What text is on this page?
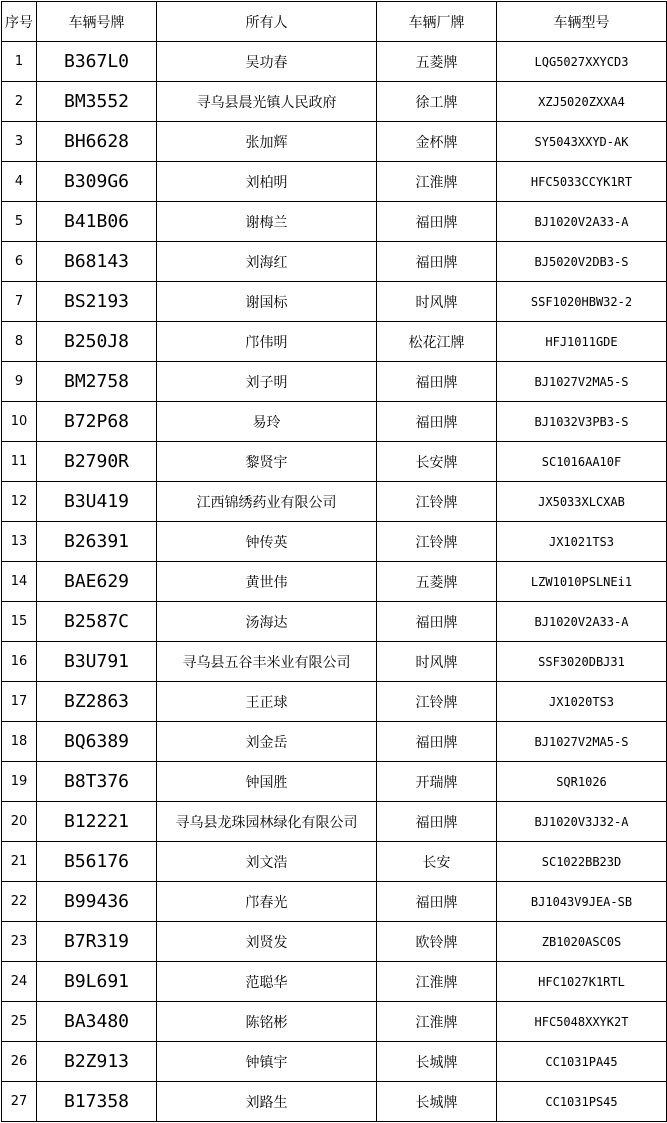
序号	车辆号牌	所有人	车辆厂牌	车辆型号
1	B367L0	吴功春	五菱牌	LQG5027XXYCD3
2	BM3552	寻乌县晨光镇人民政府	徐工牌	XZJ5020ZXXA4
3	BH6628	张加辉	金杯牌	SY5043XXYD-AK
4	B309G6	刘柏明	江淮牌	HFC5033CCYK1RT
5	B41B06	谢梅兰	福田牌	BJ1020V2A33-A
6	B68143	刘海红	福田牌	BJ5020V2DB3-S
7	BS2193	谢国标	时风牌	SSF1020HBW32-2
8	B250J8	邝伟明	松花江牌	HFJ1011GDE
9	BM2758	刘子明	福田牌	BJ1027V2MA5-S
10	B72P68	易玲	福田牌	BJ1032V3PB3-S
11	B2790R	黎贤宇	长安牌	SC1016AA10F
12	B3U419	江西锦绣药业有限公司	江铃牌	JX5033XLCXAB
13	B26391	钟传英	江铃牌	JX1021TS3
14	BAE629	黄世伟	五菱牌	LZW1010PSLNEi1
15	B2587C	汤海达	福田牌	BJ1020V2A33-A
16	B3U791	寻乌县五谷丰米业有限公司	时风牌	SSF3020DBJ31
17	BZ2863	王正球	江铃牌	JX1020TS3
18	BQ6389	刘金岳	福田牌	BJ1027V2MA5-S
19	B8T376	钟国胜	开瑞牌	SQR1026
20	B12221	寻乌县龙珠园林绿化有限公司	福田牌	BJ1020V3J32-A
21	B56176	刘文浩	长安	SC1022BB23D
22	B99436	邝春光	福田牌	BJ1043V9JEA-SB
23	B7R319	刘贤发	欧铃牌	ZB1020ASC0S
24	B9L691	范聪华	江淮牌	HFC1027K1RTL
25	BA3480	陈铭彬	江淮牌	HFC5048XXYK2T
26	B2Z913	钟镇宇	长城牌	CC1031PA45
27	B17358	刘路生	长城牌	CC1031PS45
